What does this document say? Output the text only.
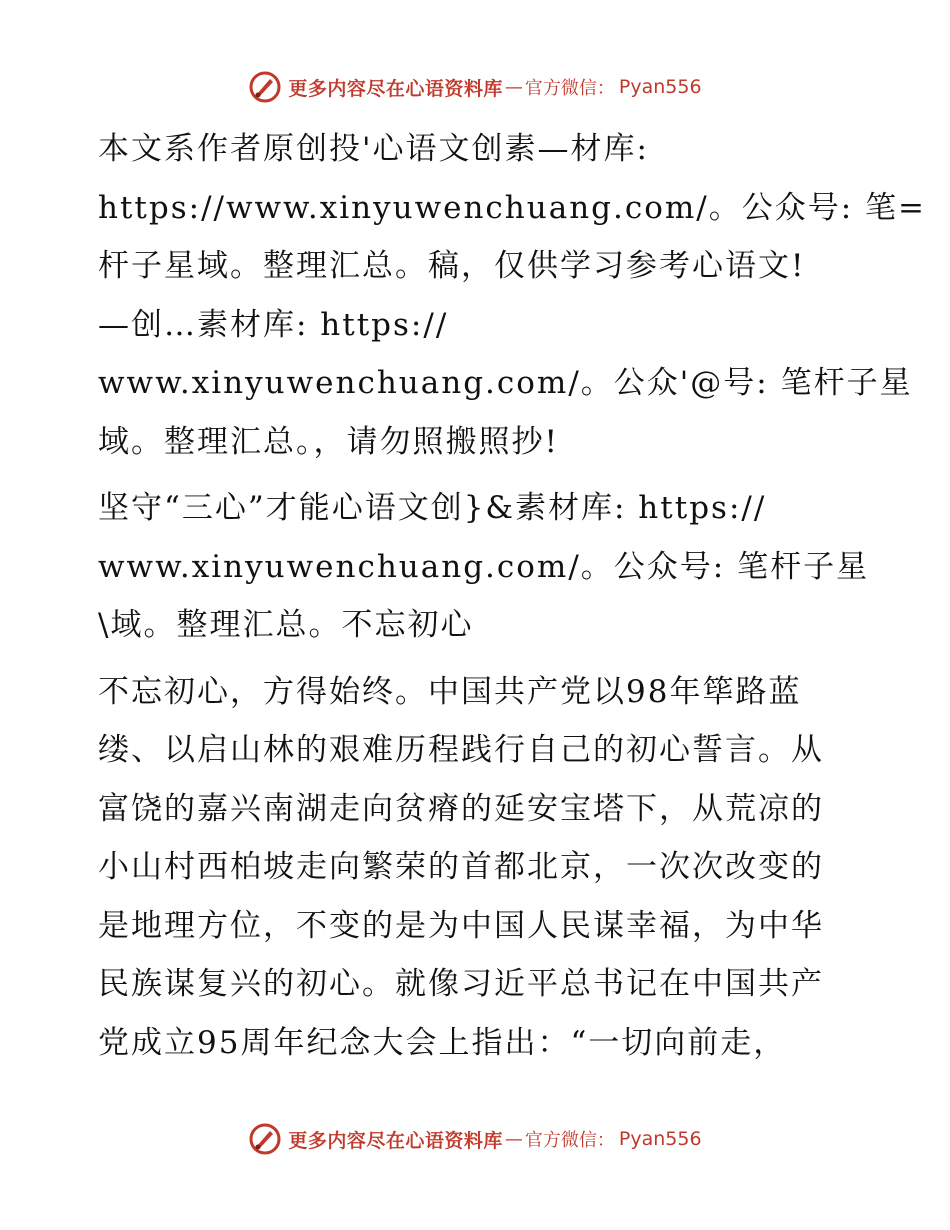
更多内容尽在心语资料库 — 官方微信： Pyan556

本文系作者原创投'心语文创素—材库:
https://www.xinyuwenchuang.com/。公众号: 笔=
杆子星域。整理汇总。稿，仅供学习参考心语文!
—创…素材库: https://
www.xinyuwenchuang.com/。公众'@号: 笔杆子星
域。整理汇总。，请勿照搬照抄!

坚守“三心”才能心语文创}&素材库: https://
www.xinyuwenchuang.com/。公众号: 笔杆子星
\域。整理汇总。不忘初心

不忘初心，方得始终。中国共产党以98年筚路蓝
缕、以启山林的艰难历程践行自己的初心誓言。从
富饶的嘉兴南湖走向贫瘠的延安宝塔下，从荒凉的
小山村西柏坡走向繁荣的首都北京，一次次改变的
是地理方位，不变的是为中国人民谋幸福，为中华
民族谋复兴的初心。就像习近平总书记在中国共产
党成立95周年纪念大会上指出：“一切向前走，

更多内容尽在心语资料库 — 官方微信： Pyan556
